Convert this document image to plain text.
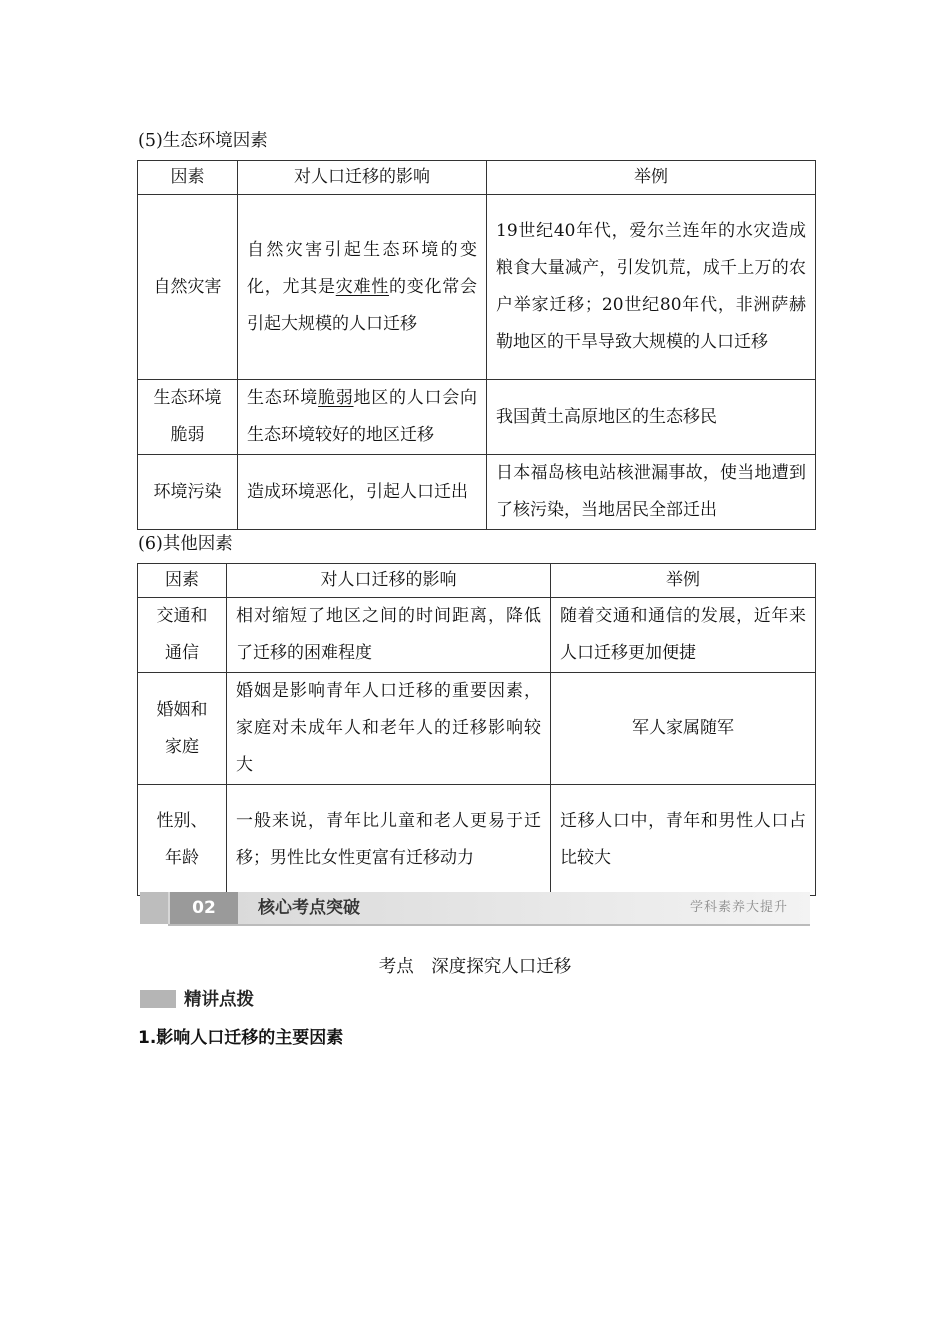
(5)生态环境因素
因素	对人口迁移的影响	举例
自然灾害	自然灾害引起生态环境的变化，尤其是灾难性的变化常会引起大规模的人口迁移	19世纪40年代，爱尔兰连年的水灾造成粮食大量减产，引发饥荒，成千上万的农户举家迁移；20世纪80年代，非洲萨赫勒地区的干旱导致大规模的人口迁移
生态环境脆弱	生态环境脆弱地区的人口会向生态环境较好的地区迁移	我国黄土高原地区的生态移民
环境污染	造成环境恶化，引起人口迁出	日本福岛核电站核泄漏事故，使当地遭到了核污染，当地居民全部迁出
(6)其他因素
因素	对人口迁移的影响	举例
交通和通信	相对缩短了地区之间的时间距离，降低了迁移的困难程度	随着交通和通信的发展，近年来人口迁移更加便捷
婚姻和家庭	婚姻是影响青年人口迁移的重要因素，家庭对未成年人和老年人的迁移影响较大	军人家属随军
性别、年龄	一般来说，青年比儿童和老人更易于迁移；男性比女性更富有迁移动力	迁移人口中，青年和男性人口占比较大
02	核心考点突破	学科素养大提升
考点　深度探究人口迁移
精讲点拨
1.影响人口迁移的主要因素
